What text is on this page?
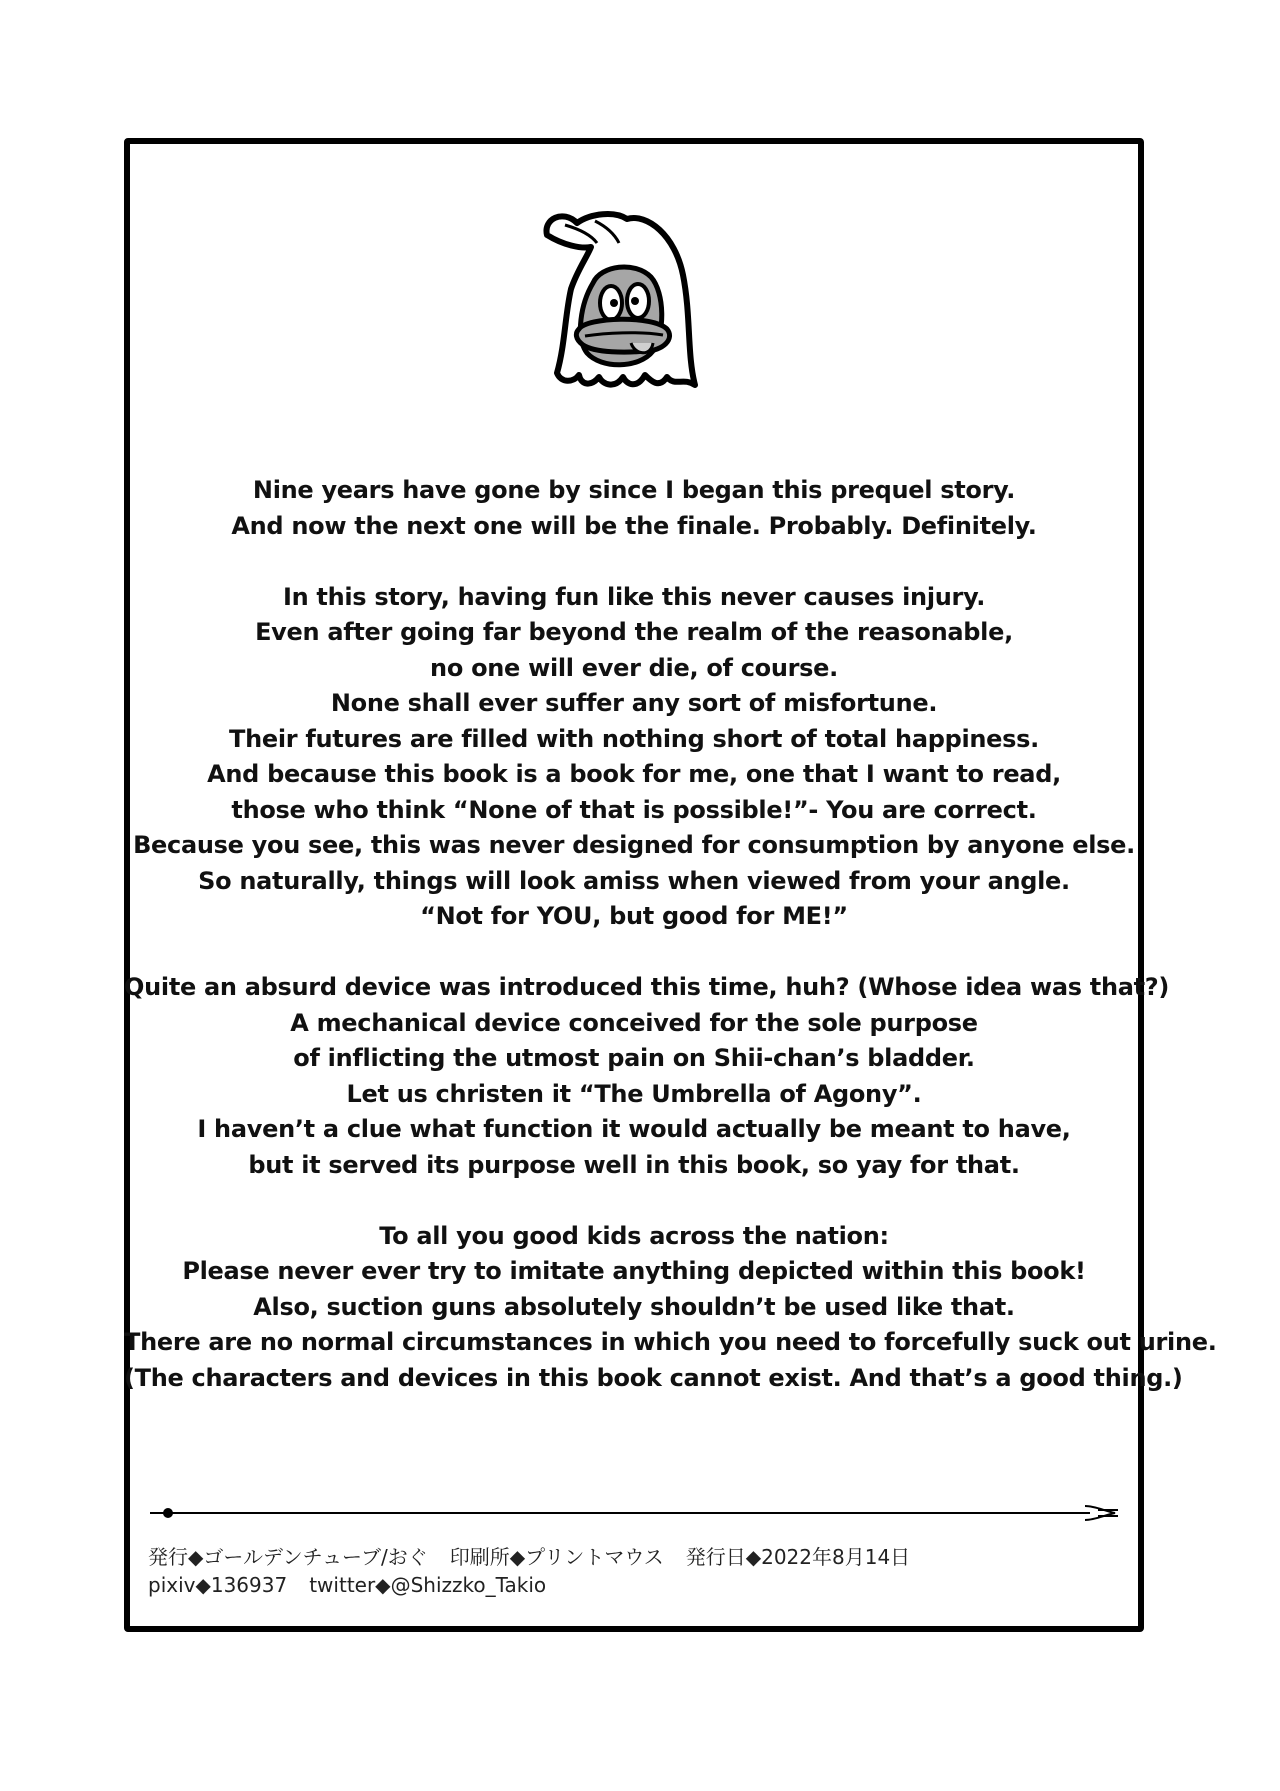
Nine years have gone by since I began this prequel story.
And now the next one will be the finale. Probably. Definitely.
In this story, having fun like this never causes injury.
Even after going far beyond the realm of the reasonable,
no one will ever die, of course.
None shall ever suffer any sort of misfortune.
Their futures are filled with nothing short of total happiness.
And because this book is a book for me, one that I want to read,
those who think “None of that is possible!”- You are correct.
Because you see, this was never designed for consumption by anyone else.
So naturally, things will look amiss when viewed from your angle.
“Not for YOU, but good for ME!”
Quite an absurd device was introduced this time, huh? (Whose idea was that?)
A mechanical device conceived for the sole purpose
of inflicting the utmost pain on Shii-chan’s bladder.
Let us christen it “The Umbrella of Agony”.
I haven’t a clue what function it would actually be meant to have,
but it served its purpose well in this book, so yay for that.
To all you good kids across the nation:
Please never ever try to imitate anything depicted within this book!
Also, suction guns absolutely shouldn’t be used like that.
There are no normal circumstances in which you need to forcefully suck out urine.
(The characters and devices in this book cannot exist. And that’s a good thing.)
発行◆ゴールデンチューブ/おぐ 印刷所◆プリントマウス 発行日◆2022年8月14日
pixiv◆136937 twitter◆@Shizzko_Takio
